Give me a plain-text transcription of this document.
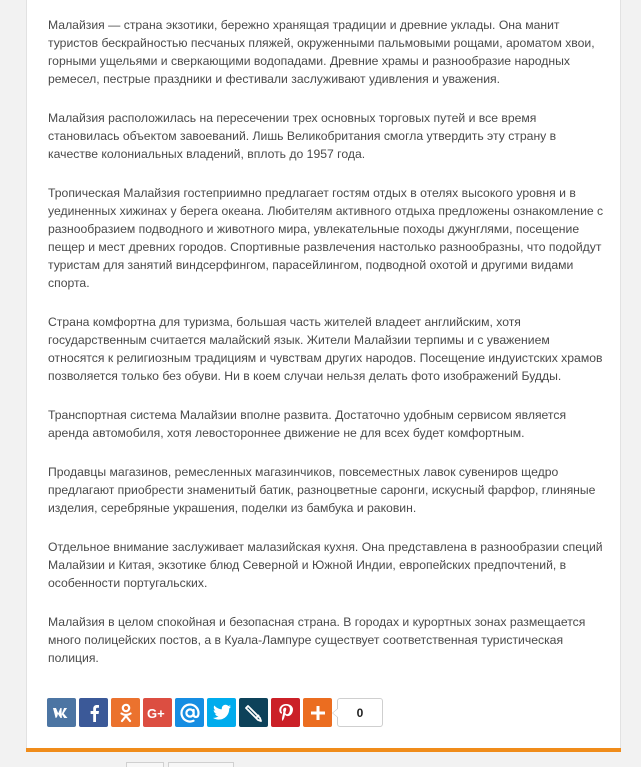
Малайзия — страна экзотики, бережно хранящая традиции и древние уклады. Она манит туристов бескрайностью песчаных пляжей, окруженными пальмовыми рощами, ароматом хвои, горными ущельями и сверкающими водопадами. Древние храмы и разнообразие народных ремесел, пестрые праздники и фестивали заслуживают удивления и уважения.

Малайзия расположилась на пересечении трех основных торговых путей и все время становилась объектом завоеваний. Лишь Великобритания смогла утвердить эту страну в качестве колониальных владений, вплоть до 1957 года.

Тропическая Малайзия гостеприимно предлагает гостям отдых в отелях высокого уровня и в уединенных хижинах у берега океана. Любителям активного отдыха предложены ознакомление с разнообразием подводного и животного мира, увлекательные походы джунглями, посещение пещер и мест древних городов. Спортивные развлечения настолько разнообразны, что подойдут туристам для занятий виндсерфингом, парасейлингом, подводной охотой и другими видами спорта.

Страна комфортна для туризма, большая часть жителей владеет английским, хотя государственным считается малайский язык. Жители Малайзии терпимы и с уважением относятся к религиозным традициям и чувствам других народов. Посещение индуистских храмов позволяется только без обуви. Ни в коем случаи нельзя делать фото изображений Будды.

Транспортная система Малайзии вполне развита. Достаточно удобным сервисом является аренда автомобиля, хотя левостороннее движение не для всех будет комфортным.

Продавцы магазинов, ремесленных магазинчиков, повсеместных лавок сувениров щедро предлагают приобрести знаменитый батик, разноцветные саронги, искусный фарфор, глиняные изделия, серебряные украшения, поделки из бамбука и раковин.

Отдельное внимание заслуживает малазийская кухня. Она представлена в разнообразии специй Малайзии и Китая, экзотике блюд Северной и Южной Индии, европейских предпочтений, в особенности португальских.

Малайзия в целом спокойная и безопасная страна. В городах и курортных зонах размещается много полицейских постов, а в Куала-Лампуре существует соответственная туристическая полиция.

G+	0
